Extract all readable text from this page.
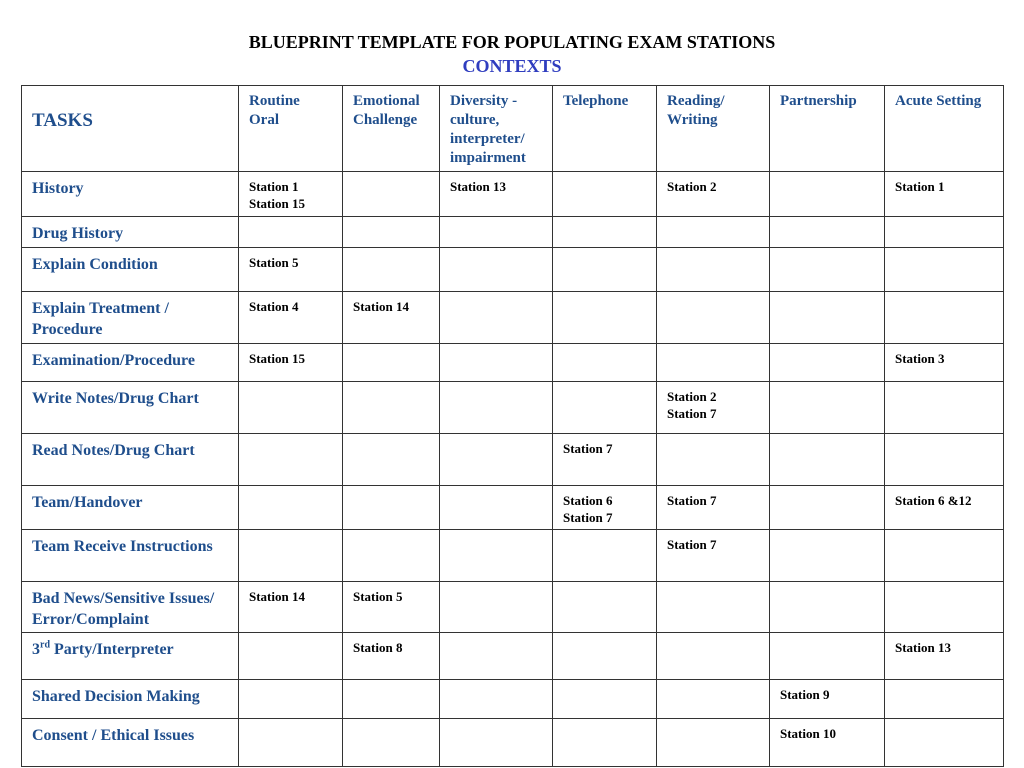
BLUEPRINT TEMPLATE FOR POPULATING EXAM STATIONS
CONTEXTS
TASKS	Routine Oral	Emotional Challenge	Diversity - culture, interpreter/ impairment	Telephone	Reading/ Writing	Partnership	Acute Setting
History	Station 1
Station 15		Station 13		Station 2		Station 1

Drug History							
Explain Condition	Station 5						

Explain Treatment / Procedure	Station 4	Station 14					

Examination/Procedure	Station 15						Station 3

Write Notes/Drug Chart					Station 2
Station 7		

Read Notes/Drug Chart				Station 7			

Team/Handover				Station 6
Station 7	Station 7		Station 6 &12

Team Receive Instructions					Station 7		

Bad News/Sensitive Issues/ Error/Complaint	Station 14	Station 5					

3rd Party/Interpreter		Station 8					Station 13

Shared Decision Making						Station 9	

Consent / Ethical Issues						Station 10	
